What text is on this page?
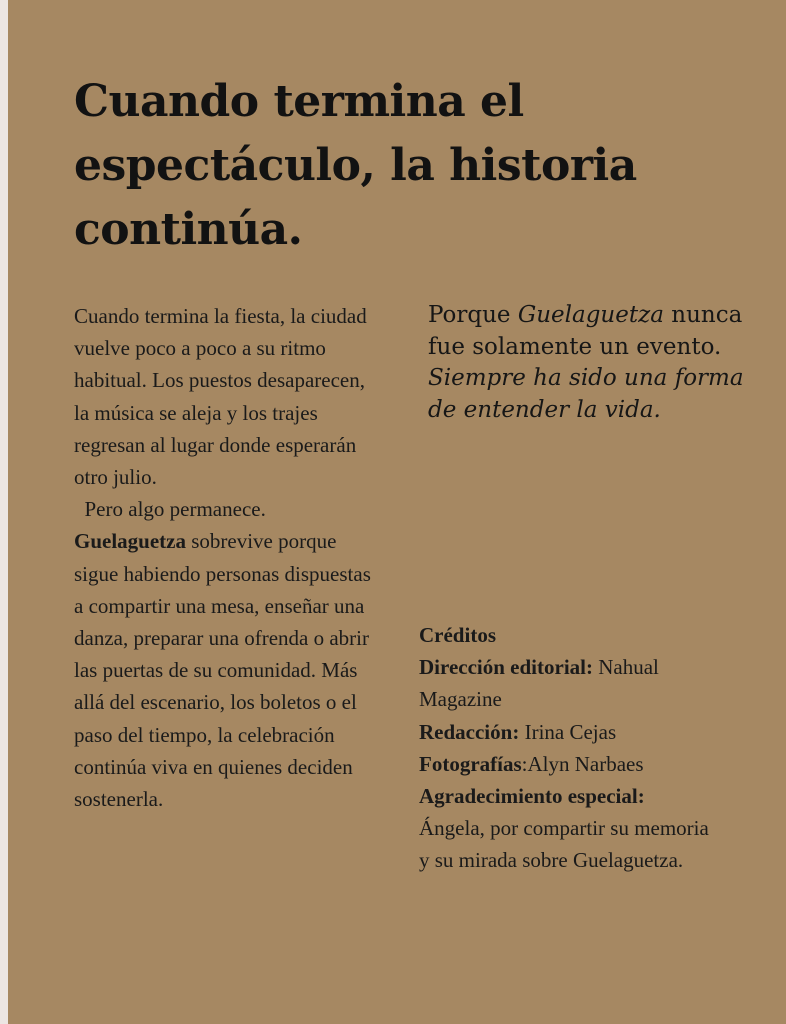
Cuando termina el
espectáculo, la historia
continúa.

Cuando termina la fiesta, la ciudad vuelve poco a poco a su ritmo habitual. Los puestos desaparecen, la música se aleja y los trajes regresan al lugar donde esperarán otro julio.

Pero algo permanece.
Guelaguetza sobrevive porque sigue habiendo personas dispuestas a compartir una mesa, enseñar una danza, preparar una ofrenda o abrir las puertas de su comunidad. Más allá del escenario, los boletos o el paso del tiempo, la celebración continúa viva en quienes deciden sostenerla.

Porque Guelaguetza nunca fue solamente un evento.

Siempre ha sido una forma de entender la vida.

Créditos

Dirección editorial: Nahual Magazine

Redacción: Irina Cejas

Fotografías:Alyn Narbaes

Agradecimiento especial:

Ángela, por compartir su memoria y su mirada sobre Guelaguetza.
